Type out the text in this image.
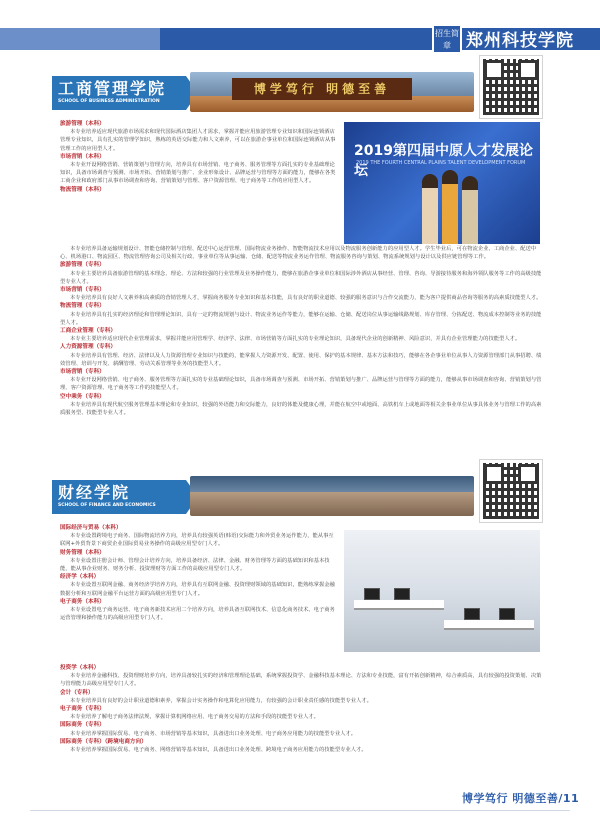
招生简章 郑州科技学院
工商管理学院
SCHOOL OF BUSINESS ADMINISTRATION
博学笃行 明德至善
2019第四届中原人才发展论坛
2019 THE FOURTH CENTRAL PLAINS TALENT DEVELOPMENT FORUM
旅游管理（本科）
本专业培养适应现代旅游市场需求和现代国际酒店集团人才需求，掌握并能应用旅游管理专业知识和国际连锁酒店管理专业知识，具有扎实的管理学知识，熟练的英语交际能力和人文素养，可以在旅游企事业单位和国际连锁酒店从事管理工作的应用型人才。
市场营销（本科）
本专业开设网络营销、营销策划与管理方向，培养具有市场营销、电子商务、服务管理等方面扎实的专业基础理论知识，具备市场调查与预测、市场开拓、营销策划与推广、企业形象设计、品牌运营与管理等方面的能力，能够在各类工商企业和政府部门从事市场调查和咨询、营销策划与管理、客户资源管理、电子商务等工作的应用型人才。
物流管理（本科）
本专业培养具备运输规划设计、智能仓储控制与管理、配送中心运营管理、国际物流业务操作、智能物流技术应用以及物流服务创新能力的应用型人才。学生毕业后，可在物流企业、工商企业、配送中心、机场港口、物流园区、物流管理咨询公司及相关行政、事业单位等从事运输、仓储、配送等物流业务运作管理、物流服务咨询与策划、物流系统规划与设计以及供应链管理等工作。
旅游管理（专科）
本专业主要培养具备旅游管理的基本理念、理论、方法和较强的行业管理及业务操作能力，能够在旅游企事业单位和国际涉外酒店从事经营、管理、咨询、导游接待服务和海外领队服务等工作的高级技能型专业人才。
市场营销（专科）
本专业培养具有良好人文素养和高素质的营销管理人才，掌握商务服务专业知识和基本技能，具有良好的职业道德、较强的服务意识与合作交流能力，能为客户提供商品咨询等服务的高素质技能型人才。
物流管理（专科）
本专业培养具有扎实的经济理论和管理理论知识，具有一定的物流规划与设计、物流业务运作等能力，能够在运输、仓储、配送岗位从事运输线路规划、库存管理、分拣配送、物流成本控制等业务的技能型人才。
工商企业管理（专科）
本专业主要培养适应现代企业管理需求，掌握并能应用管理学、经济学、法律、市场营销等方面扎实的专业理论知识，具备现代企业的创新精神、风险意识，并具有企业管理能力的技能型人才。
人力资源管理（专科）
本专业培养具有管理、经济、法律以及人力资源管理专业知识与技能的，能掌握人力资源开发、配置、使用、保护的基本规律、基本方法和技巧，能够在各企事业单位从事人力资源管理部门从事招聘、绩效管理、培训与开发、薪酬管理、劳动关系管理等业务的技能型人才。
市场营销（专科）
本专业开设网络营销、电子商务、服务管理等方面扎实的专业基础理论知识，具备市场调查与预测、市场开拓、营销策划与推广、品牌运营与管理等方面的能力，能够从事市场调查和咨询、营销策划与管理、客户资源管理、电子商务等工作的技能型人才。
空中乘务（专科）
本专业培养具有现代航空服务管理基本理论和专业知识，较强的外语能力和交际能力，良好的体能及健康心理，并能在航空中或地面、高铁机车上或地面等相关企事业单位从事具体业务与管理工作的高素质服务型、技能型专业人才。
财经学院
SCHOOL OF FINANCE AND ECONOMICS
国际经济与贸易（本科）
本专业设置跨境电子商务、国际物流培养方向，培养具有较强英语(韩语)交际能力和外贸业务运作能力，能从事互联网+外贸背景下商贸企业国际贸易业务操作的高级应用型专门人才。
财务管理（本科）
本专业设置注册会计师、管理会计培养方向，培养具备经济、法律、金融、财务管理等方面的基础知识和基本技能，能从事企业财务、财务分析、投资理财等方面工作的高级应用型专门人才。
经济学（本科）
本专业设置互联网金融、商务经济学培养方向，培养具有互联网金融、投资理财领域的基础知识，能熟练掌握金融数据分析和互联网金融平台运营方面的高级应用型专门人才。
电子商务（本科）
本专业设置电子商务运营、电子商务新技术应用二个培养方向，培养具备互联网技术、信息化商务技术、电子商务运营管理和操作能力的高级应用型专门人才。
投资学（本科）
本专业培养金融科技、投资理财培养方向，培养具备较扎实的经济和管理理论基础，系统掌握投资学、金融科技基本理论、方法和专业技能，富有开拓创新精神，综合素质高，具有较强的投资策划、决策与管理能力高级应用型专门人才。
会计（专科）
本专业培养具有良好的会计职业道德和素养，掌握会计实务操作和电算化应用能力，有较强的会计职业责任感的技能型专业人才。
电子商务（专科）
本专业培养了解电子商务法律法规，掌握计算机网络应用、电子商务交易的方法和手段的技能型专业人才。
国际商务（专科）
本专业培养掌握国际贸易、电子商务、市场营销等基本知识，具备进出口业务处理、电子商务应用能力的技能型专业人才。
国际商务（专科）（跨境电商方向）
本专业培养掌握国际贸易、电子商务、网络营销等基本知识，具备进出口业务处理、跨境电子商务应用能力的技能型专业人才。
博学笃行 明德至善/11
